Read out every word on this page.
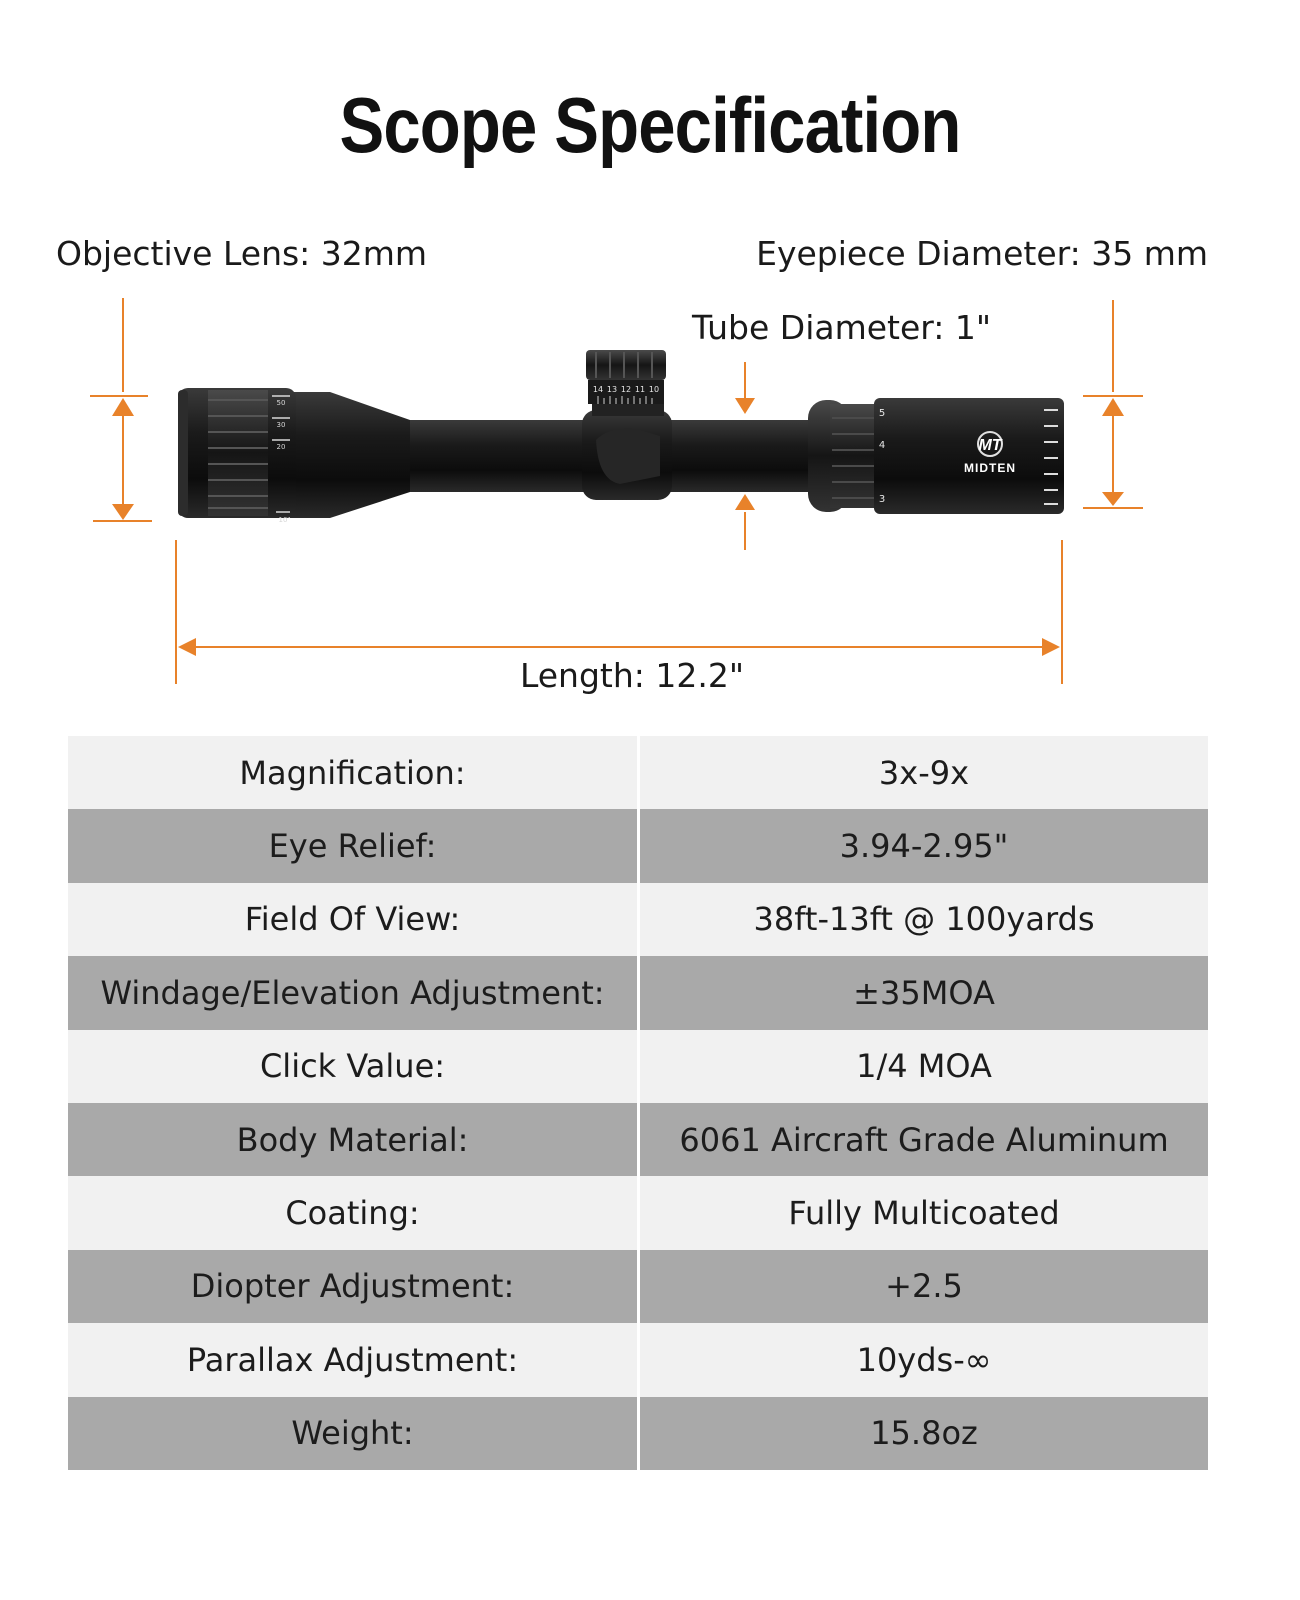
Scope Specification
Objective Lens: 32mm	Eyepiece Diameter: 35 mm
Tube Diameter: 1"
Length: 12.2"
MT
MIDTEN
14 13 12 11 10
50
30
20
10
5
4
3
Magnification:	3x-9x
Eye Relief:	3.94-2.95"
Field Of View:	38ft-13ft @ 100yards
Windage/Elevation Adjustment:	±35MOA
Click Value:	1/4 MOA
Body Material:	6061 Aircraft Grade Aluminum
Coating:	Fully Multicoated
Diopter Adjustment:	+2.5
Parallax Adjustment:	10yds-∞
Weight:	15.8oz
